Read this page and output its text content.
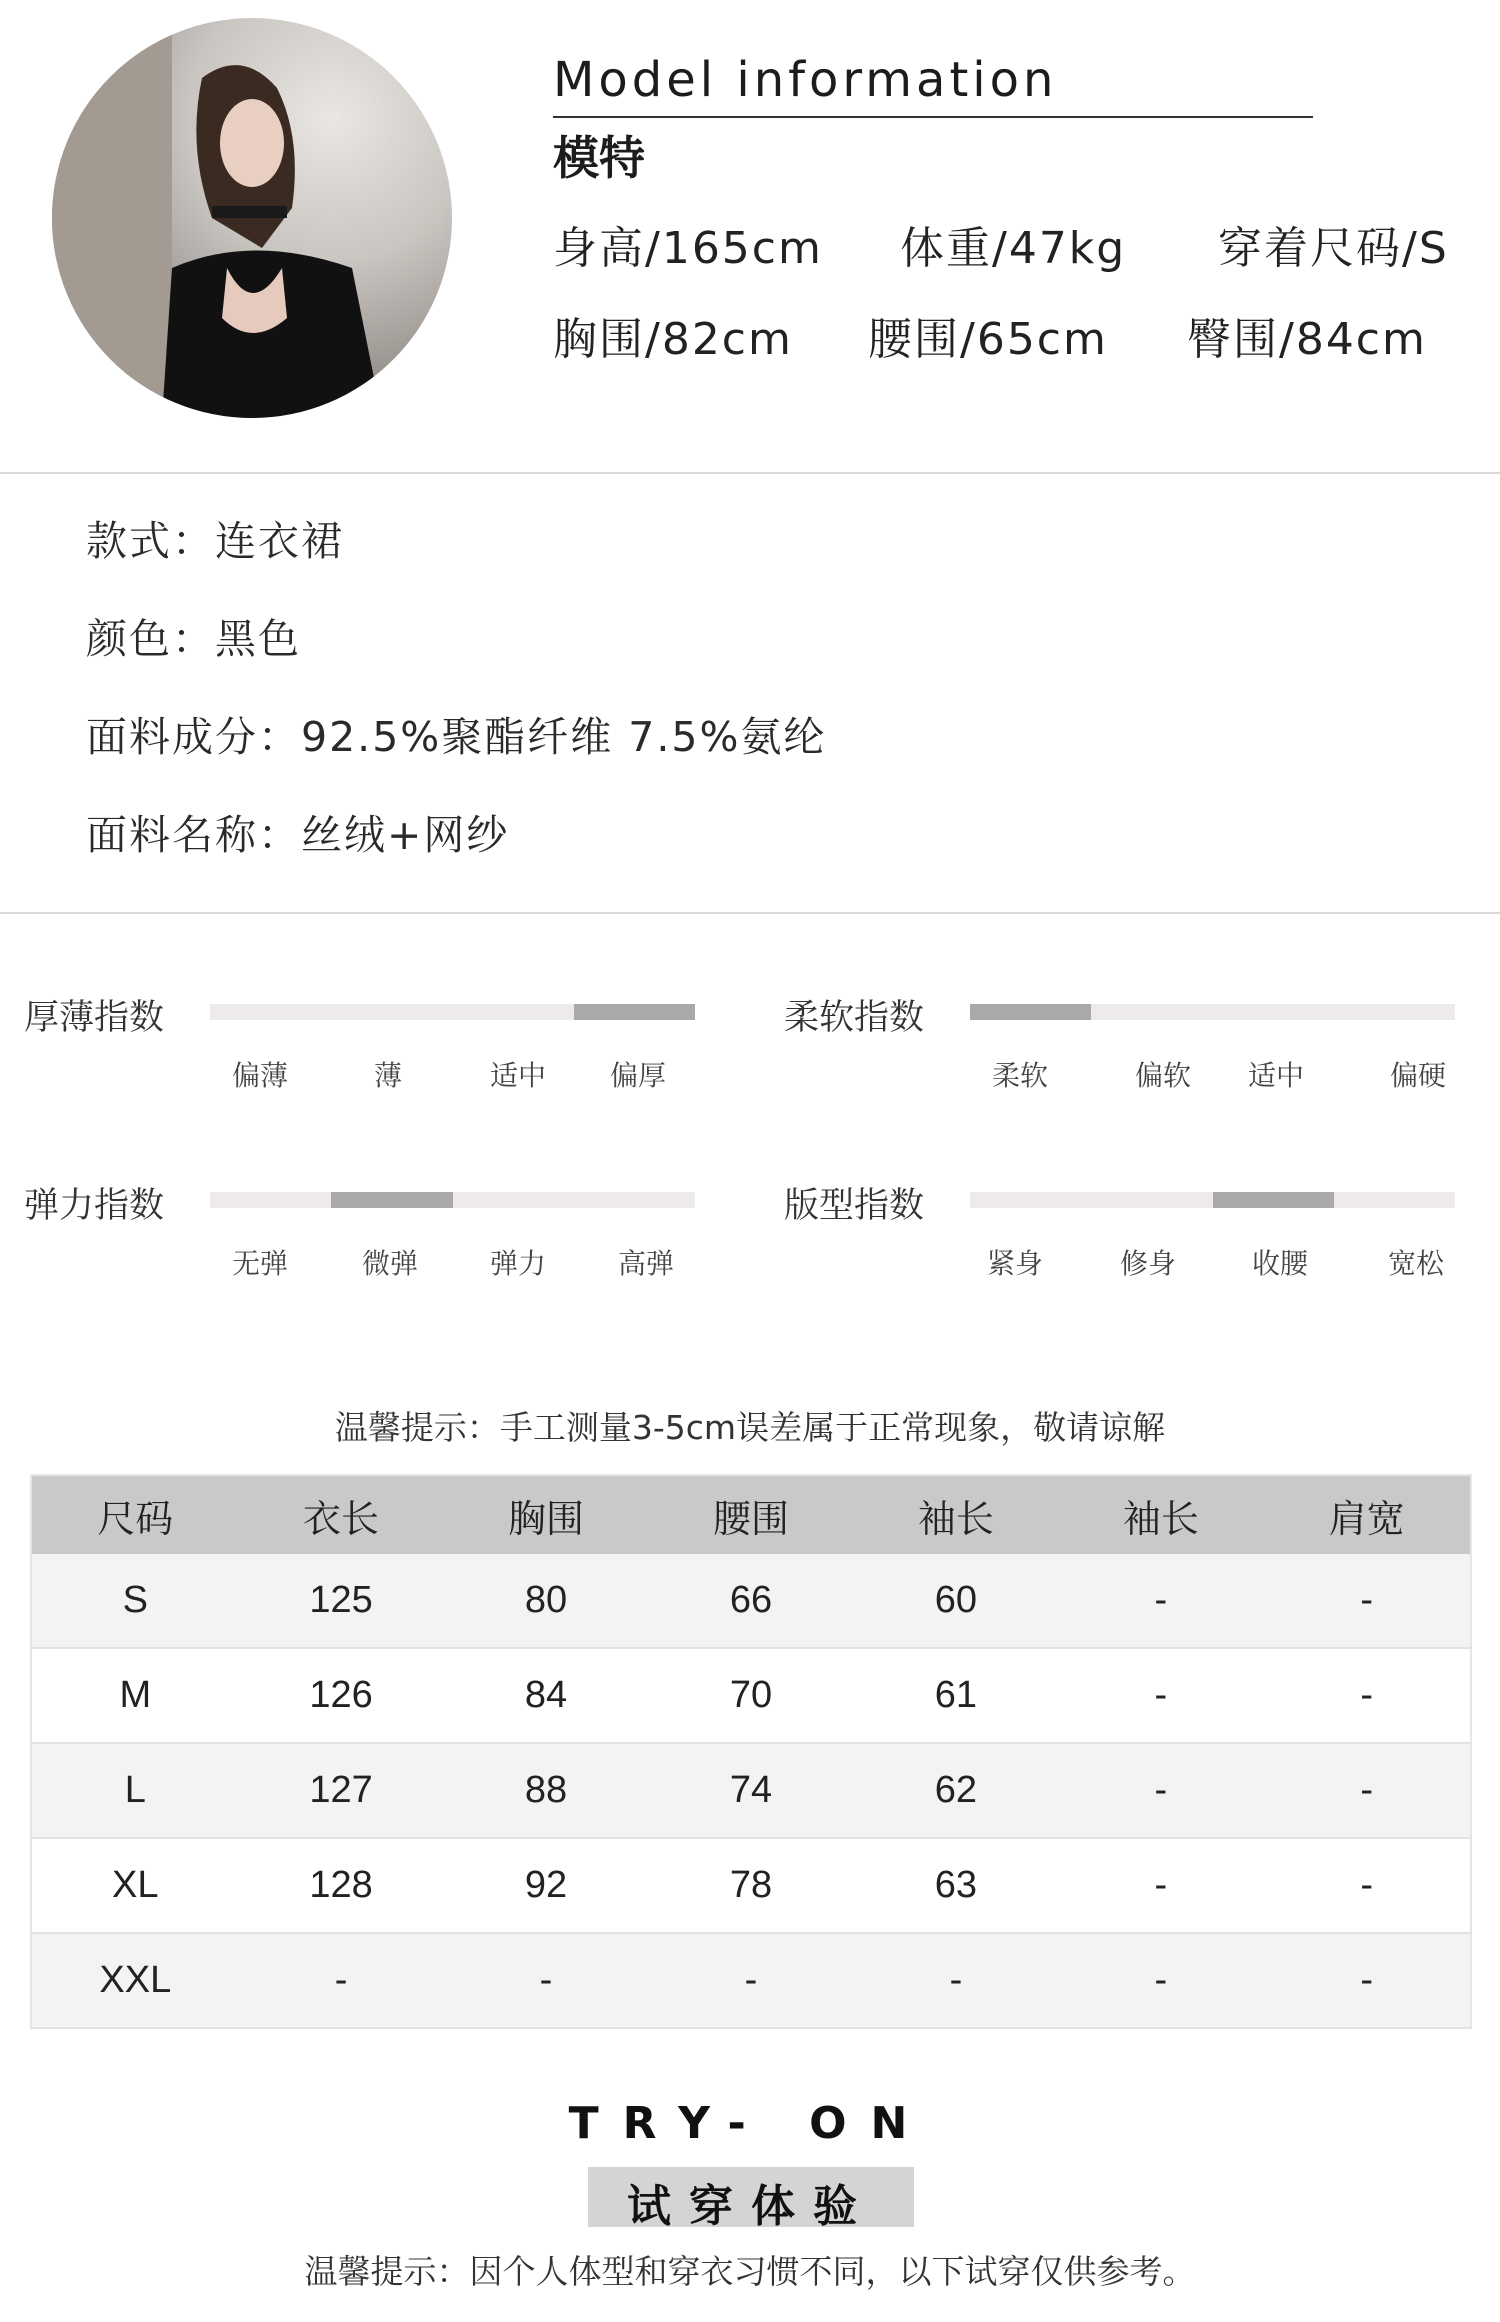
Model information
模特
身高/165cm 体重/47kg 穿着尺码/S
胸围/82cm 腰围/65cm 臀围/84cm
款式：连衣裙
颜色：黑色
面料成分：92.5%聚酯纤维 7.5%氨纶
面料名称：丝绒+网纱
厚薄指数
偏薄	薄	适中	偏厚
柔软指数
柔软	偏软	适中	偏硬
弹力指数
无弹	微弹	弹力	高弹
版型指数
紧身	修身	收腰	宽松
温馨提示：手工测量3-5cm误差属于正常现象，敬请谅解
尺码	衣长	胸围	腰围	袖长	袖长	肩宽
S	125	80	66	60	-	-
M	126	84	70	61	-	-
L	127	88	74	62	-	-
XL	128	92	78	63	-	-
XXL	-	-	-	-	-	-
TRY- ON
试穿体验
温馨提示：因个人体型和穿衣习惯不同，以下试穿仅供参考。
